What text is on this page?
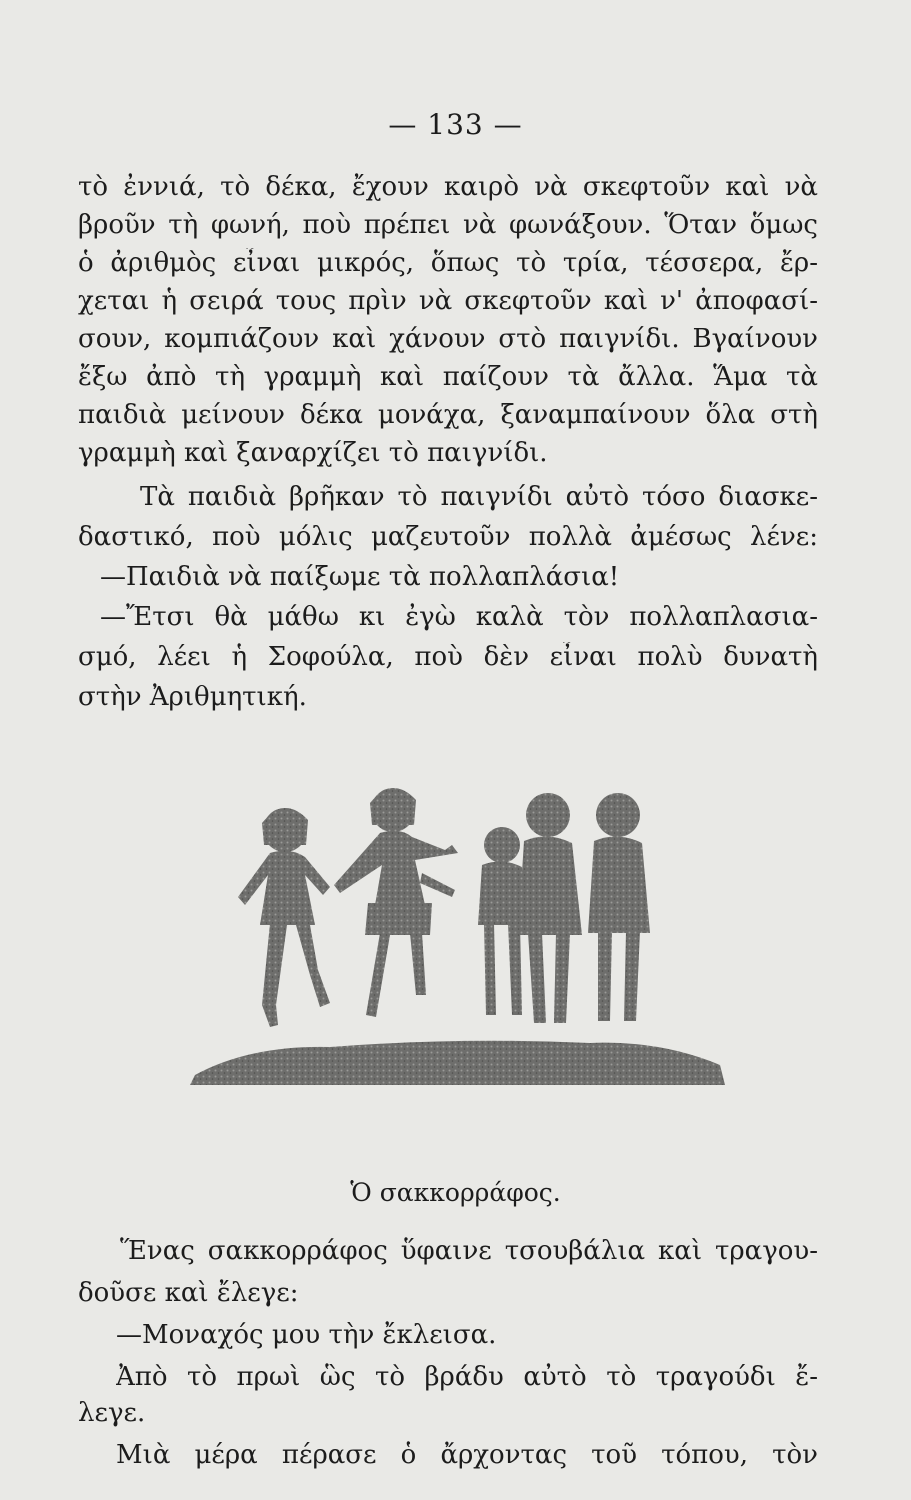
— 133 —
τὸ ἐννιά, τὸ δέκα, ἔχουν καιρὸ νὰ σκεφτοῦν καὶ νὰ
βροῦν τὴ φωνή, ποὺ πρέπει νὰ φωνάξουν. Ὅταν ὅμως
ὁ ἀριθμὸς εἶναι μικρός, ὅπως τὸ τρία, τέσσερα, ἔρ-
χεται ἡ σειρά τους πρὶν νὰ σκεφτοῦν καὶ ν' ἀποφασί-
σουν, κομπιάζουν καὶ χάνουν στὸ παιγνίδι. Βγαίνουν
ἔξω ἀπὸ τὴ γραμμὴ καὶ παίζουν τὰ ἄλλα. Ἅμα τὰ
παιδιὰ μείνουν δέκα μονάχα, ξαναμπαίνουν ὅλα στὴ
γραμμὴ καὶ ξαναρχίζει τὸ παιγνίδι.
Τὰ παιδιὰ βρῆκαν τὸ παιγνίδι αὐτὸ τόσο διασκε-
δαστικό, ποὺ μόλις μαζευτοῦν πολλὰ ἀμέσως λένε:
—Παιδιὰ νὰ παίξωμε τὰ πολλαπλάσια!
—Ἔτσι θὰ μάθω κι ἐγὼ καλὰ τὸν πολλαπλασια-
σμό, λέει ἡ Σοφούλα, ποὺ δὲν εἶναι πολὺ δυνατὴ
στὴν Ἀριθμητική.
Ὁ σακκορράφος.
Ἕνας σακκορράφος ὕφαινε τσουβάλια καὶ τραγου-
δοῦσε καὶ ἔλεγε:
—Μοναχός μου τὴν ἔκλεισα.
Ἀπὸ τὸ πρωὶ ὣς τὸ βράδυ αὐτὸ τὸ τραγούδι ἔ-
λεγε.
Μιὰ μέρα πέρασε ὁ ἄρχοντας τοῦ τόπου, τὸν
